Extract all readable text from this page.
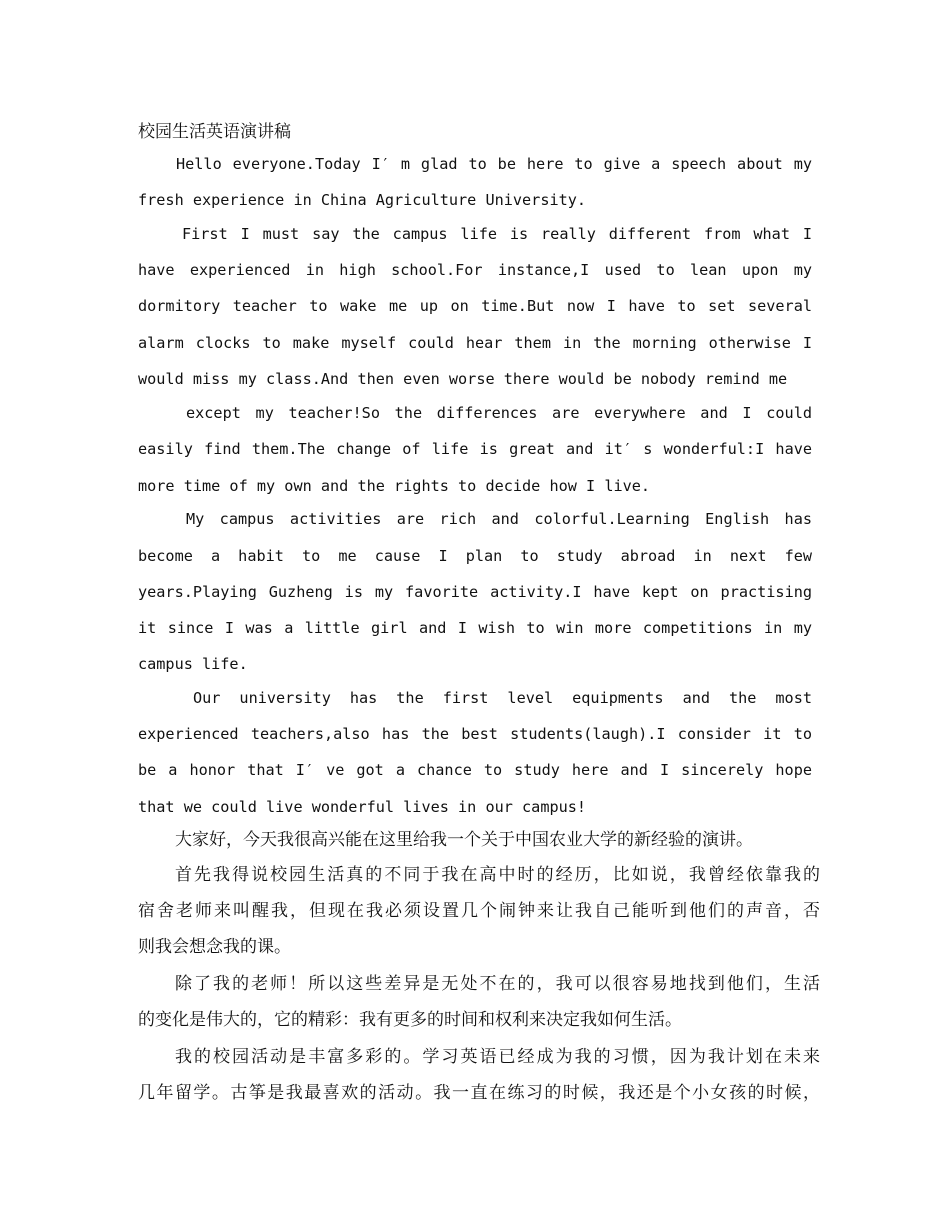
校园生活英语演讲稿
Hello everyone.Today I′ m glad to be here to give a speech about my
fresh experience in China Agriculture University.
First I must say the campus life is really different from what I
have experienced in high school.For instance,I used to lean upon my
dormitory teacher to wake me up on time.But now I have to set several
alarm clocks to make myself could hear them in the morning otherwise I
would miss my class.And then even worse there would be nobody remind me
except my teacher!So the differences are everywhere and I could
easily find them.The change of life is great and it′ s wonderful:I have
more time of my own and the rights to decide how I live.
My campus activities are rich and colorful.Learning English has
become a habit to me cause I plan to study abroad in next few
years.Playing Guzheng is my favorite activity.I have kept on practising
it since I was a little girl and I wish to win more competitions in my
campus life.
Our university has the first level equipments and the most
experienced teachers,also has the best students(laugh).I consider it to
be a honor that I′ ve got a chance to study here and I sincerely hope
that we could live wonderful lives in our campus!
大家好，今天我很高兴能在这里给我一个关于中国农业大学的新经验的演讲。
首先我得说校园生活真的不同于我在高中时的经历，比如说，我曾经依靠我的
宿舍老师来叫醒我，但现在我必须设置几个闹钟来让我自己能听到他们的声音，否
则我会想念我的课。
除了我的老师！所以这些差异是无处不在的，我可以很容易地找到他们，生活
的变化是伟大的，它的精彩：我有更多的时间和权利来决定我如何生活。
我的校园活动是丰富多彩的。学习英语已经成为我的习惯，因为我计划在未来
几年留学。古筝是我最喜欢的活动。我一直在练习的时候，我还是个小女孩的时候，
